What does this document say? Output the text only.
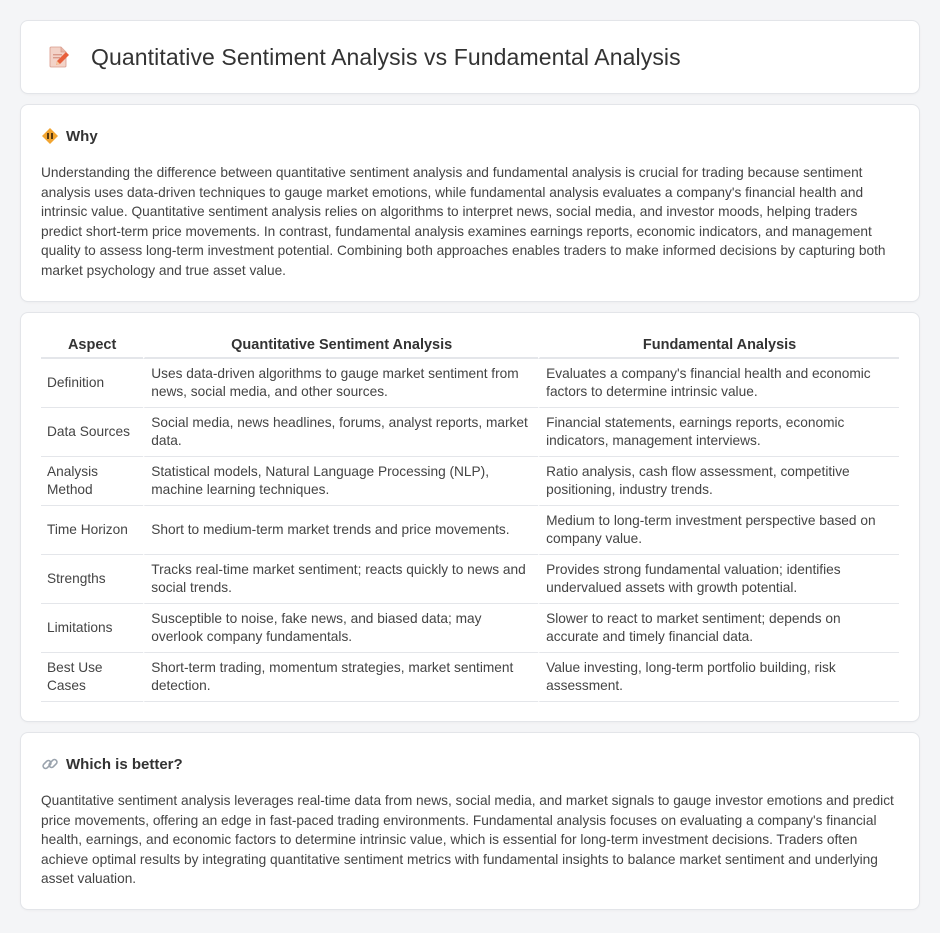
Quantitative Sentiment Analysis vs Fundamental Analysis
Why

Understanding the difference between quantitative sentiment analysis and fundamental analysis is crucial for trading because sentiment analysis uses data-driven techniques to gauge market emotions, while fundamental analysis evaluates a company's financial health and intrinsic value. Quantitative sentiment analysis relies on algorithms to interpret news, social media, and investor moods, helping traders predict short-term price movements. In contrast, fundamental analysis examines earnings reports, economic indicators, and management quality to assess long-term investment potential. Combining both approaches enables traders to make informed decisions by capturing both market psychology and true asset value.

Aspect	Quantitative Sentiment Analysis	Fundamental Analysis
Definition	Uses data-driven algorithms to gauge market sentiment from news, social media, and other sources.	Evaluates a company's financial health and economic factors to determine intrinsic value.
Data Sources	Social media, news headlines, forums, analyst reports, market data.	Financial statements, earnings reports, economic indicators, management interviews.
Analysis Method	Statistical models, Natural Language Processing (NLP), machine learning techniques.	Ratio analysis, cash flow assessment, competitive positioning, industry trends.
Time Horizon	Short to medium-term market trends and price movements.	Medium to long-term investment perspective based on company value.
Strengths	Tracks real-time market sentiment; reacts quickly to news and social trends.	Provides strong fundamental valuation; identifies undervalued assets with growth potential.
Limitations	Susceptible to noise, fake news, and biased data; may overlook company fundamentals.	Slower to react to market sentiment; depends on accurate and timely financial data.
Best Use Cases	Short-term trading, momentum strategies, market sentiment detection.	Value investing, long-term portfolio building, risk assessment.
Which is better?

Quantitative sentiment analysis leverages real-time data from news, social media, and market signals to gauge investor emotions and predict price movements, offering an edge in fast-paced trading environments. Fundamental analysis focuses on evaluating a company's financial health, earnings, and economic factors to determine intrinsic value, which is essential for long-term investment decisions. Traders often achieve optimal results by integrating quantitative sentiment metrics with fundamental insights to balance market sentiment and underlying asset valuation.
